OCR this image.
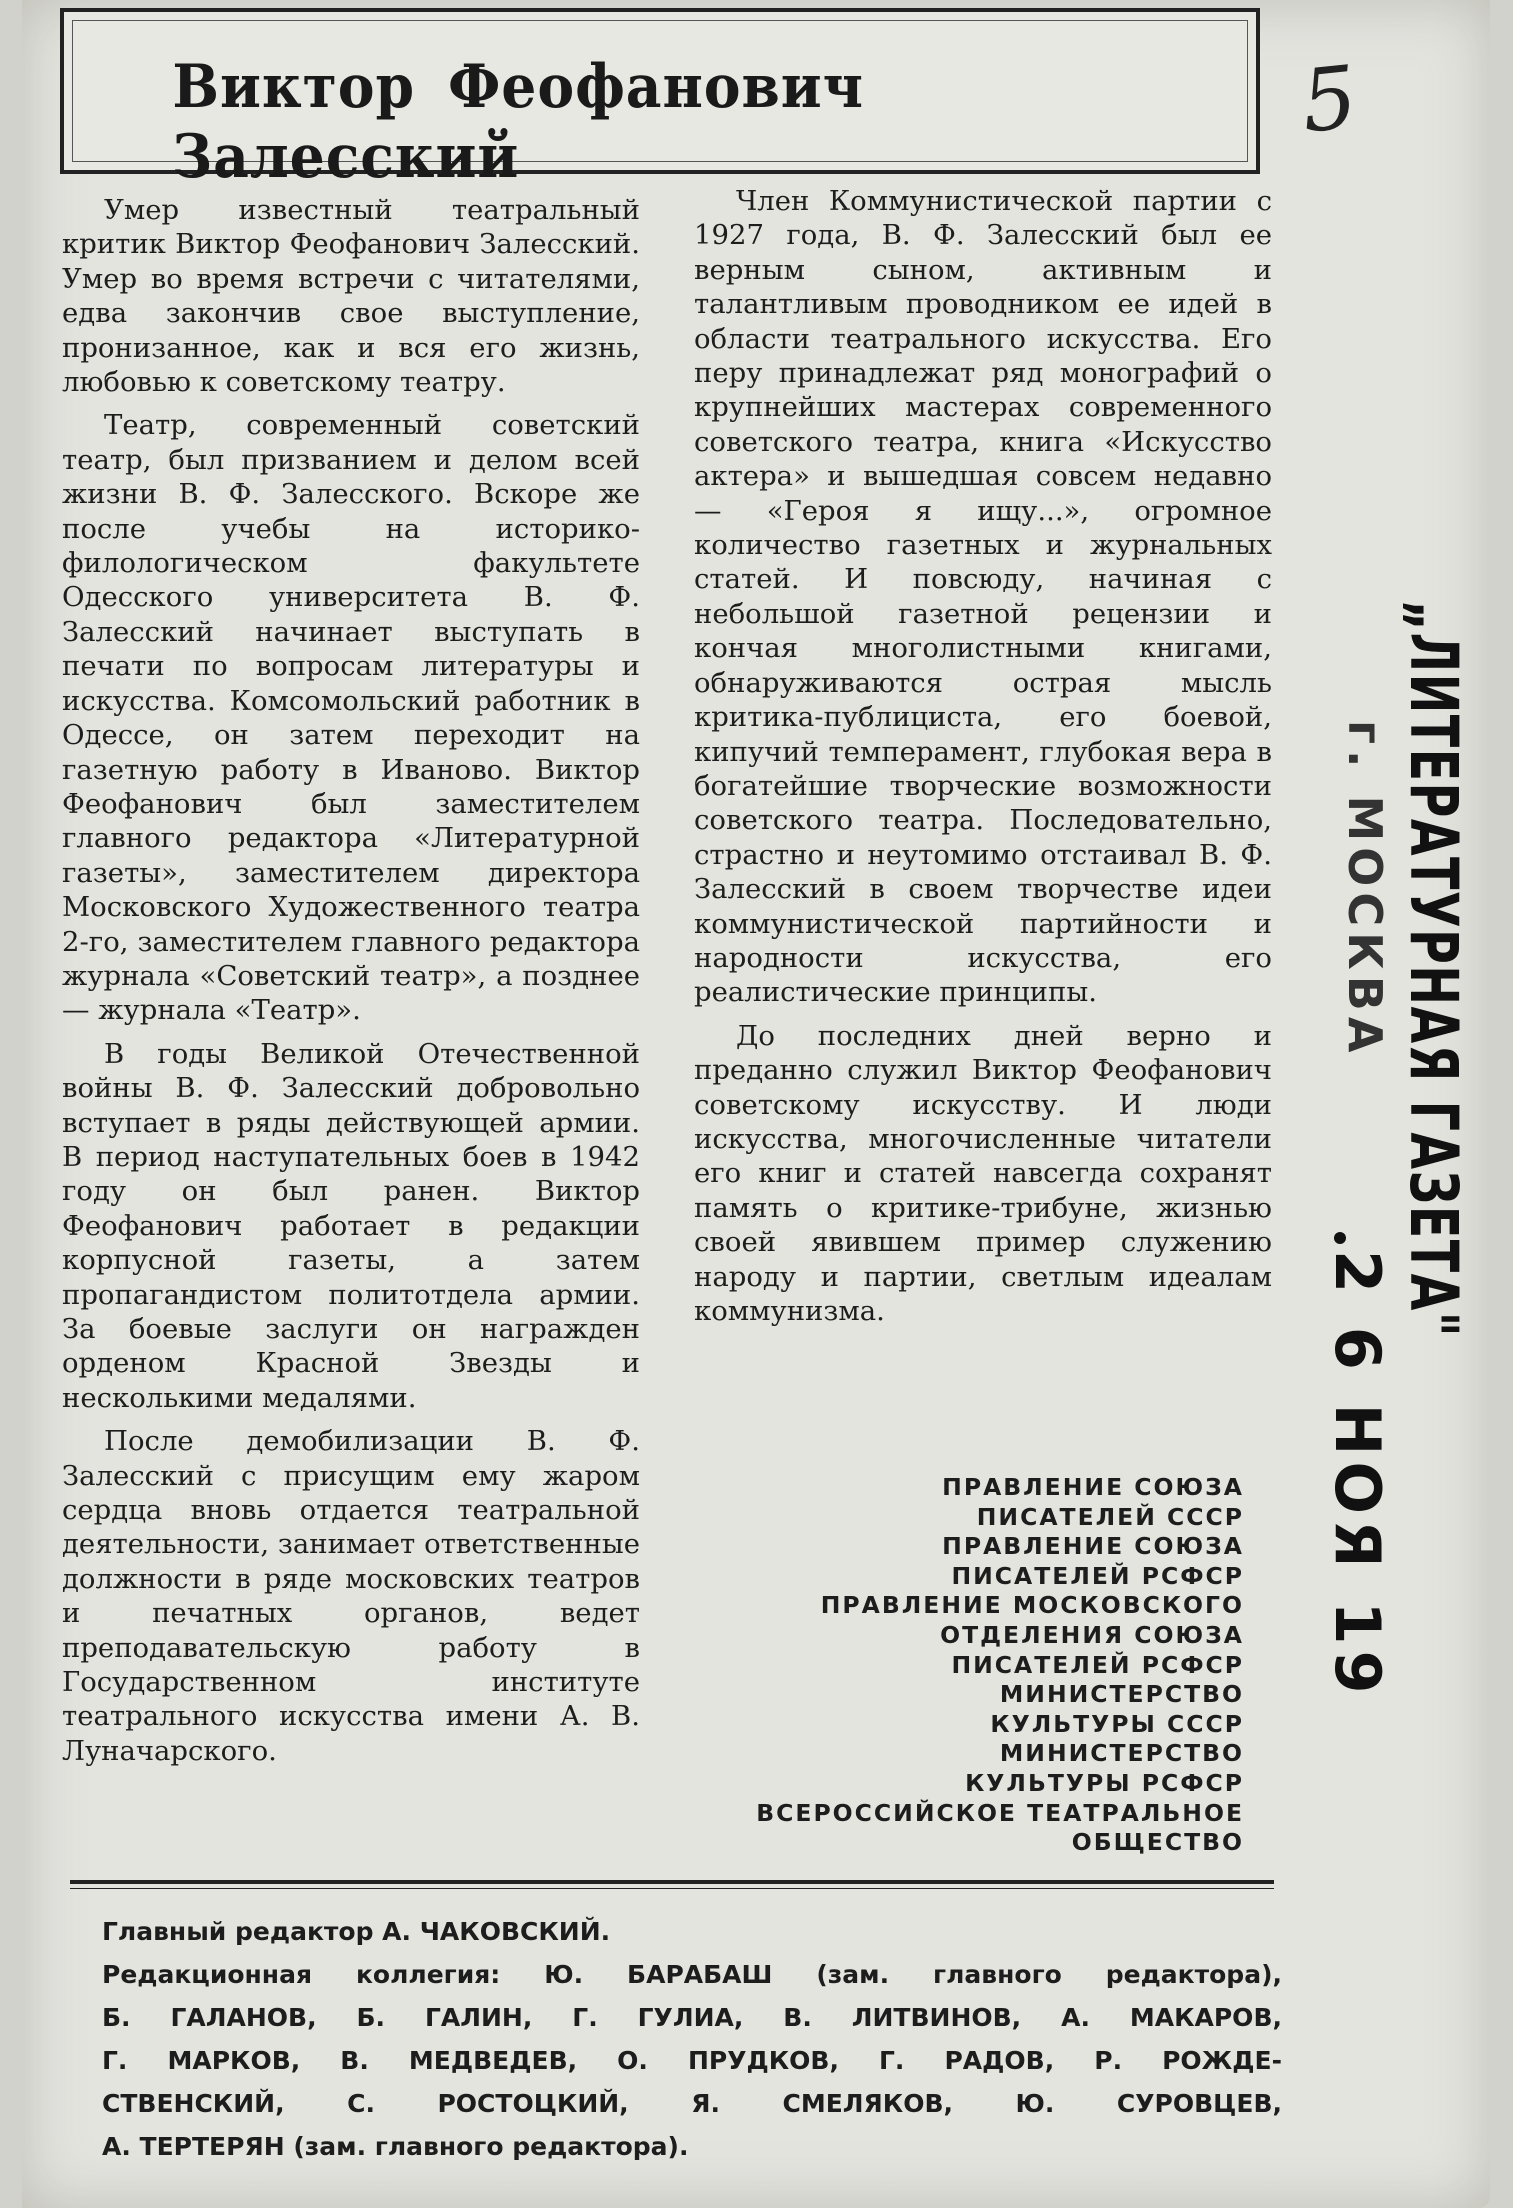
Виктор Феофанович Залесский
5

Умер известный театральный критик Виктор Феофанович Залесский. Умер во время встречи с читателями, едва закончив свое выступление, пронизанное, как и вся его жизнь, любовью к советскому театру.

Театр, современный советский театр, был призванием и делом всей жизни В. Ф. Залесского. Вскоре же после учебы на историко-филологическом факультете Одесского университета В. Ф. Залесский начинает выступать в печати по вопросам литературы и искусства. Комсомольский работник в Одессе, он затем переходит на газетную работу в Иваново. Виктор Феофанович был заместителем главного редактора «Литературной газеты», заместителем директора Московского Художественного театра 2-го, заместителем главного редактора журнала «Советский театр», а позднее — журнала «Театр».

В годы Великой Отечественной войны В. Ф. Залесский добровольно вступает в ряды действующей армии. В период наступательных боев в 1942 году он был ранен. Виктор Феофанович работает в редакции корпусной газеты, а затем пропагандистом политотдела армии. За боевые заслуги он награжден орденом Красной Звезды и несколькими медалями.

После демобилизации В. Ф. Залесский с присущим ему жаром сердца вновь отдается театральной деятельности, занимает ответственные должности в ряде московских театров и печатных органов, ведет преподавательскую работу в Государственном институте театрального искусства имени А. В. Луначарского.

Член Коммунистической партии с 1927 года, В. Ф. Залесский был ее верным сыном, активным и талантливым проводником ее идей в области театрального искусства. Его перу принадлежат ряд монографий о крупнейших мастерах современного советского театра, книга «Искусство актера» и вышедшая совсем недавно — «Героя я ищу...», огромное количество газетных и журнальных статей. И повсюду, начиная с небольшой газетной рецензии и кончая многолистными книгами, обнаруживаются острая мысль критика-публициста, его боевой, кипучий темперамент, глубокая вера в богатейшие творческие возможности советского театра. Последовательно, страстно и неутомимо отстаивал В. Ф. Залесский в своем творчестве идеи коммунистической партийности и народности искусства, его реалистические принципы.

До последних дней верно и преданно служил Виктор Феофанович советскому искусству. И люди искусства, многочисленные читатели его книг и статей навсегда сохранят память о критике-трибуне, жизнью своей явившем пример служению народу и партии, светлым идеалам коммунизма.

ПРАВЛЕНИЕ СОЮЗА
ПИСАТЕЛЕЙ СССР
ПРАВЛЕНИЕ СОЮЗА
ПИСАТЕЛЕЙ РСФСР
ПРАВЛЕНИЕ МОСКОВСКОГО
ОТДЕЛЕНИЯ СОЮЗА
ПИСАТЕЛЕЙ РСФСР
МИНИСТЕРСТВО
КУЛЬТУРЫ СССР
МИНИСТЕРСТВО
КУЛЬТУРЫ РСФСР
ВСЕРОССИЙСКОЕ ТЕАТРАЛЬНОЕ
ОБЩЕСТВО
Главный редактор А. ЧАКОВСКИЙ.
Редакционная коллегия: Ю. БАРАБАШ (зам. главного редактора),
Б. ГАЛАНОВ, Б. ГАЛИН, Г. ГУЛИА, В. ЛИТВИНОВ, А. МАКАРОВ,
Г. МАРКОВ, В. МЕДВЕДЕВ, О. ПРУДКОВ, Г. РАДОВ, Р. РОЖДЕ-
СТВЕНСКИЙ, С. РОСТОЦКИЙ, Я. СМЕЛЯКОВ, Ю. СУРОВЦЕВ,
А. ТЕРТЕРЯН (зам. главного редактора).
„ЛИТЕРАТУРНАЯ ГАЗЕТА"
г. МОСКВА
2 6 НОЯ 19
